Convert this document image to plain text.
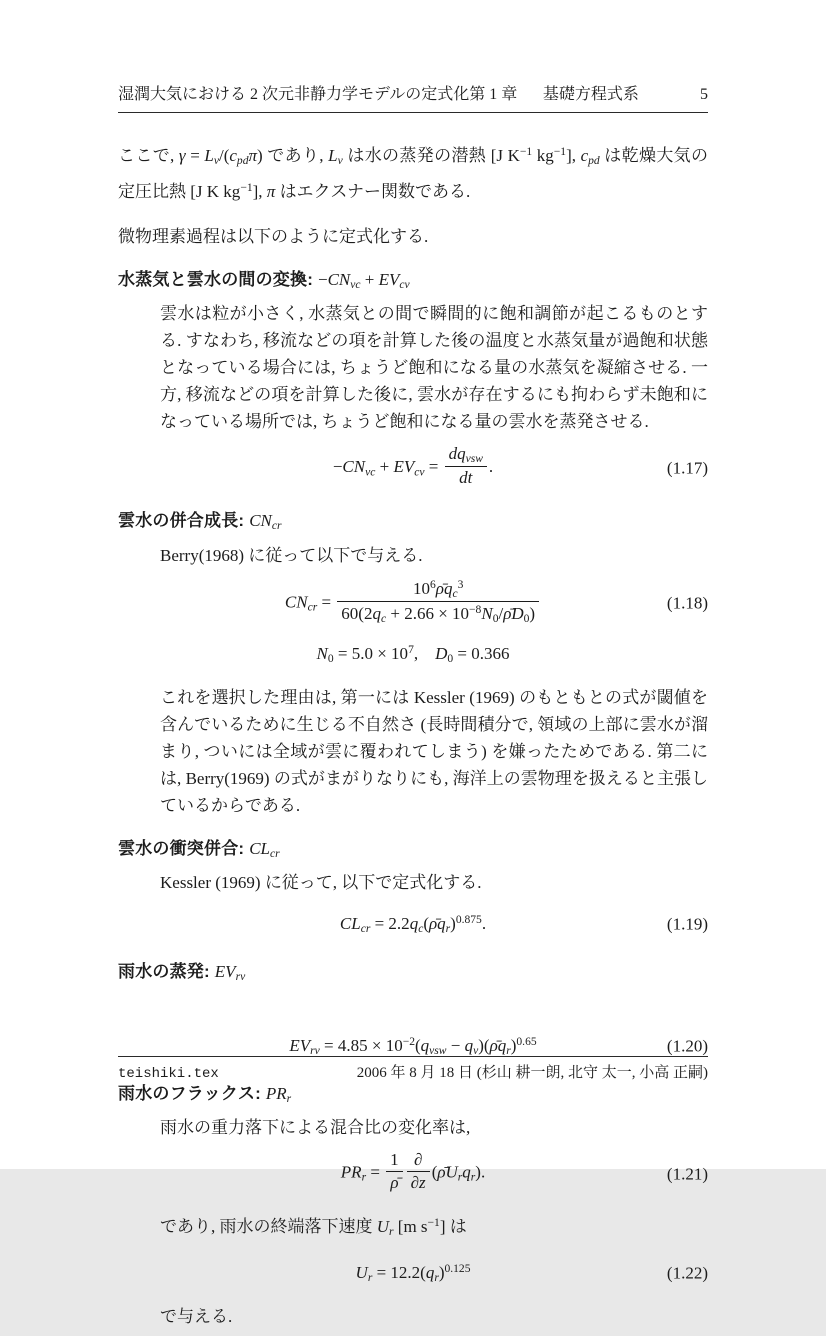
湿潤大気における 2 次元非静力学モデルの定式化 第 1 章 基礎方程式系	5
ここで, γ = Lv/(cpdπ) であり, Lv は水の蒸発の潜熱 [J $K^{-1}$ $kg^{-1}$], cpd は乾燥大気の定圧比熱 [J K $kg^{-1}$], π はエクスナー関数である.
微物理素過程は以下のように定式化する.
水蒸気と雲水の間の変換: −CNvc + EVcv
雲水は粒が小さく, 水蒸気との間で瞬間的に飽和調節が起こるものとする. すなわち, 移流などの項を計算した後の温度と水蒸気量が過飽和状態となっている場合には, ちょうど飽和になる量の水蒸気を凝縮させる. 一方, 移流などの項を計算した後に, 雲水が存在するにも拘わらず未飽和になっている場所では, ちょうど飽和になる量の雲水を蒸発させる.
−CNvc + EVcv = $\frac{\text{dqvsw}}{dt}$ .	(1.17)
雲水の併合成長: CNcr
Berry(1968) に従って以下で与える.
CNcr = $\frac{10^6\rhōqc^3}{60(2qc + 2.66 \times 10^{-8}N0/\rhōD0)}$	(1.18)
$N0 = 5.0 \times 10^7$, D0 = 0.366
これを選択した理由は, 第一には Kessler (1969) のもともとの式が閾値を含んでいるために生じる不自然さ (長時間積分で, 領域の上部に雲水が溜まり, ついには全域が雲に覆われてしまう) を嫌ったためである. 第二には, Berry(1969) の式がまがりなりにも, 海洋上の雲物理を扱えると主張しているからである.
雲水の衝突併合: CLcr
Kessler (1969) に従って, 以下で定式化する.
CLcr = 2.2qc(ρ̄qr)$^{0.875}$.	(1.19)
雨水の蒸発: EVrv
EVrv = $4.85 \times 10^{-2}(qvsw$ − qv)(ρ̄qr)$^{0.65}$	(1.20)
雨水のフラックス: PRr
雨水の重力落下による混合比の変化率は,
PRr = $\frac{1}{\rhō} \frac{\partial}{\partial z}$ (ρ̄Urqr).	(1.21)
であり, 雨水の終端落下速度 Ur [m $s^{-1}$] は
Ur = 12.2(qr)$^{0.125}$	(1.22)
で与える.
teishiki.tex	2006 年 8 月 18 日 (杉山 耕一朗, 北守 太一, 小高 正嗣)
